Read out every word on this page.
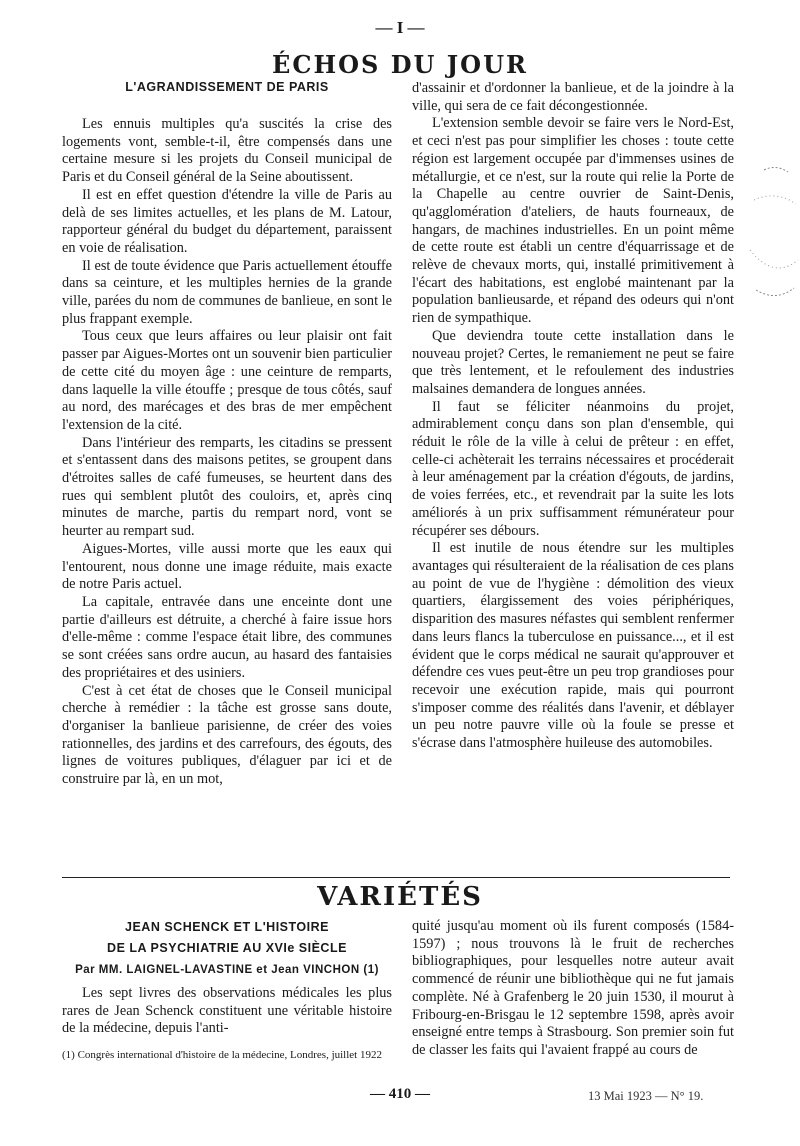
— I —
ÉCHOS DU JOUR
L'AGRANDISSEMENT DE PARIS

Les ennuis multiples qu'a suscités la crise des logements vont, semble-t-il, être compensés dans une certaine mesure si les projets du Conseil municipal de Paris et du Conseil général de la Seine aboutissent.

Il est en effet question d'étendre la ville de Paris au delà de ses limites actuelles, et les plans de M. Latour, rapporteur général du budget du département, paraissent en voie de réalisation.

Il est de toute évidence que Paris actuellement étouffe dans sa ceinture, et les multiples hernies de la grande ville, parées du nom de communes de banlieue, en sont le plus frappant exemple.

Tous ceux que leurs affaires ou leur plaisir ont fait passer par Aigues-Mortes ont un souvenir bien particulier de cette cité du moyen âge : une ceinture de remparts, dans laquelle la ville étouffe ; presque de tous côtés, sauf au nord, des marécages et des bras de mer empêchent l'extension de la cité.

Dans l'intérieur des remparts, les citadins se pressent et s'entassent dans des maisons petites, se groupent dans d'étroites salles de café fumeuses, se heurtent dans des rues qui semblent plutôt des couloirs, et, après cinq minutes de marche, partis du rempart nord, vont se heurter au rempart sud.

Aigues-Mortes, ville aussi morte que les eaux qui l'entourent, nous donne une image réduite, mais exacte de notre Paris actuel.

La capitale, entravée dans une enceinte dont une partie d'ailleurs est détruite, a cherché à faire issue hors d'elle-même : comme l'espace était libre, des communes se sont créées sans ordre aucun, au hasard des fantaisies des propriétaires et des usiniers.

C'est à cet état de choses que le Conseil municipal cherche à remédier : la tâche est grosse sans doute, d'organiser la banlieue parisienne, de créer des voies rationnelles, des jardins et des carrefours, des égouts, des lignes de voitures publiques, d'élaguer par ici et de construire par là, en un mot,

d'assainir et d'ordonner la banlieue, et de la joindre à la ville, qui sera de ce fait décongestionnée.

L'extension semble devoir se faire vers le Nord-Est, et ceci n'est pas pour simplifier les choses : toute cette région est largement occupée par d'immenses usines de métallurgie, et ce n'est, sur la route qui relie la Porte de la Chapelle au centre ouvrier de Saint-Denis, qu'agglomération d'ateliers, de hauts fourneaux, de hangars, de machines industrielles. En un point même de cette route est établi un centre d'équarrissage et de relève de chevaux morts, qui, installé primitivement à l'écart des habitations, est englobé maintenant par la population banlieusarde, et répand des odeurs qui n'ont rien de sympathique.

Que deviendra toute cette installation dans le nouveau projet? Certes, le remaniement ne peut se faire que très lentement, et le refoulement des industries malsaines demandera de longues années.

Il faut se féliciter néanmoins du projet, admirablement conçu dans son plan d'ensemble, qui réduit le rôle de la ville à celui de prêteur : en effet, celle-ci achèterait les terrains nécessaires et procéderait à leur aménagement par la création d'égouts, de jardins, de voies ferrées, etc., et revendrait par la suite les lots améliorés à un prix suffisamment rémunérateur pour récupérer ses débours.

Il est inutile de nous étendre sur les multiples avantages qui résulteraient de la réalisation de ces plans au point de vue de l'hygiène : démolition des vieux quartiers, élargissement des voies périphériques, disparition des masures néfastes qui semblent renfermer dans leurs flancs la tuberculose en puissance..., et il est évident que le corps médical ne saurait qu'approuver et défendre ces vues peut-être un peu trop grandioses pour recevoir une exécution rapide, mais qui pourront s'imposer comme des réalités dans l'avenir, et déblayer un peu notre pauvre ville où la foule se presse et s'écrase dans l'atmosphère huileuse des automobiles.

VARIÉTÉS
JEAN SCHENCK ET L'HISTOIRE
DE LA PSYCHIATRIE AU XVIe SIÈCLE
Par MM. LAIGNEL-LAVASTINE et Jean VINCHON (1)

Les sept livres des observations médicales les plus rares de Jean Schenck constituent une véritable histoire de la médecine, depuis l'anti-

(1) Congrès international d'histoire de la médecine, Londres, juillet 1922

quité jusqu'au moment où ils furent composés (1584-1597) ; nous trouvons là le fruit de recherches bibliographiques, pour lesquelles notre auteur avait commencé de réunir une bibliothèque qui ne fut jamais complète. Né à Grafenberg le 20 juin 1530, il mourut à Fribourg-en-Brisgau le 12 septembre 1598, après avoir enseigné entre temps à Strasbourg. Son premier soin fut de classer les faits qui l'avaient frappé au cours de

— 410 —	13 Mai 1923 — N° 19.
